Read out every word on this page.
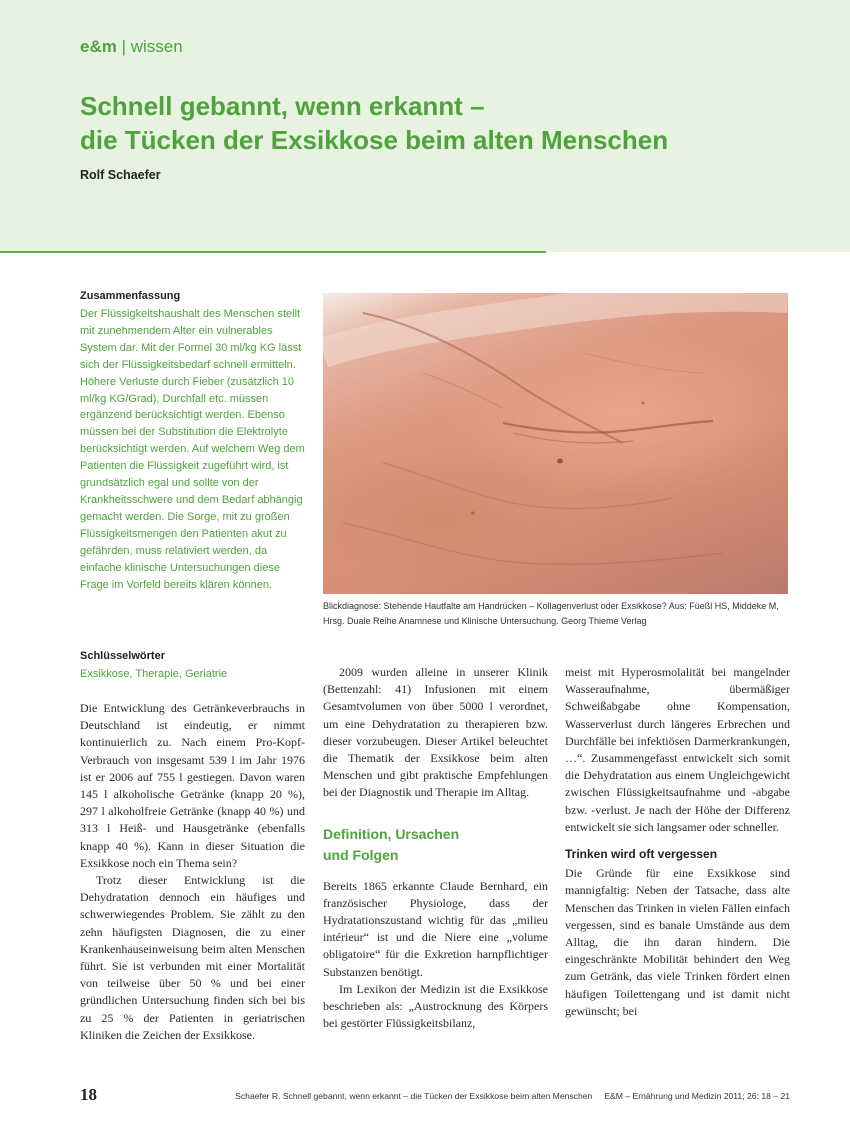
e&m | wissen
Schnell gebannt, wenn erkannt –
die Tücken der Exsikkose beim alten Menschen
Rolf Schaefer
Zusammenfassung

Der Flüssigkeitshaushalt des Menschen stellt mit zunehmendem Alter ein vulnerables System dar. Mit der Formel 30 ml/kg KG lässt sich der Flüssigkeitsbedarf schnell ermitteln. Höhere Verluste durch Fieber (zusätzlich 10 ml/kg KG/Grad), Durchfall etc. müssen ergänzend berücksichtigt werden. Ebenso müssen bei der Substitution die Elektrolyte berücksichtigt werden. Auf welchem Weg dem Patienten die Flüssigkeit zugeführt wird, ist grundsätzlich egal und sollte von der Krankheitsschwere und dem Bedarf abhängig gemacht werden. Die Sorge, mit zu großen Flüssigkeitsmengen den Patienten akut zu gefährden, muss relativiert werden, da einfache klinische Untersuchungen diese Frage im Vorfeld bereits klären können.

Schlüsselwörter

Exsikkose, Therapie, Geriatrie

Blickdiagnose: Stehende Hautfalte am Handrücken – Kollagenverlust oder Exsikkose? Aus: Füeßl HS, Middeke M, Hrsg. Duale Reihe Anamnese und Klinische Untersuchung. Georg Thieme Verlag

Die Entwicklung des Getränkeverbrauchs in Deutschland ist eindeutig, er nimmt kontinuierlich zu. Nach einem Pro-Kopf-Verbrauch von insgesamt 539 l im Jahr 1976 ist er 2006 auf 755 l gestiegen. Davon waren 145 l alkoholische Getränke (knapp 20 %), 297 l alkoholfreie Getränke (knapp 40 %) und 313 l Heiß- und Hausgetränke (ebenfalls knapp 40 %). Kann in dieser Situation die Exsikkose noch ein Thema sein?

Trotz dieser Entwicklung ist die Dehydratation dennoch ein häufiges und schwerwiegendes Problem. Sie zählt zu den zehn häufigsten Diagnosen, die zu einer Krankenhauseinweisung beim alten Menschen führt. Sie ist verbunden mit einer Mortalität von teilweise über 50 % und bei einer gründlichen Untersuchung finden sich bei bis zu 25 % der Patienten in geriatrischen Kliniken die Zeichen der Exsikkose.

2009 wurden alleine in unserer Klinik (Bettenzahl: 41) Infusionen mit einem Gesamtvolumen von über 5000 l verordnet, um eine Dehydratation zu therapieren bzw. dieser vorzubeugen. Dieser Artikel beleuchtet die Thematik der Exsikkose beim alten Menschen und gibt praktische Empfehlungen bei der Diagnostik und Therapie im Alltag.

Definition, Ursachen
und Folgen

Bereits 1865 erkannte Claude Bernhard, ein französischer Physiologe, dass der Hydratationszustand wichtig für das „milieu intérieur“ ist und die Niere eine „volume obligatoire“ für die Exkretion harnpflichtiger Substanzen benötigt.

Im Lexikon der Medizin ist die Exsikkose beschrieben als: „Austrocknung des Körpers bei gestörter Flüssigkeitsbilanz,

meist mit Hyperosmolalität bei mangelnder Wasseraufnahme, übermäßiger Schweißabgabe ohne Kompensation, Wasserverlust durch längeres Erbrechen und Durchfälle bei infektiösen Darmerkrankungen, …“. Zusammengefasst entwickelt sich somit die Dehydratation aus einem Ungleichgewicht zwischen Flüssigkeitsaufnahme und -abgabe bzw. -verlust. Je nach der Höhe der Differenz entwickelt sie sich langsamer oder schneller.

Trinken wird oft vergessen

Die Gründe für eine Exsikkose sind mannigfaltig: Neben der Tatsache, dass alte Menschen das Trinken in vielen Fällen einfach vergessen, sind es banale Umstände aus dem Alltag, die ihn daran hindern. Die eingeschränkte Mobilität behindert den Weg zum Getränk, das viele Trinken fördert einen häufigen Toilettengang und ist damit nicht gewünscht; bei

18	Schaefer R. Schnell gebannt, wenn erkannt – die Tücken der Exsikkose beim alten Menschen E&M – Ernährung und Medizin 2011; 26: 18 – 21
